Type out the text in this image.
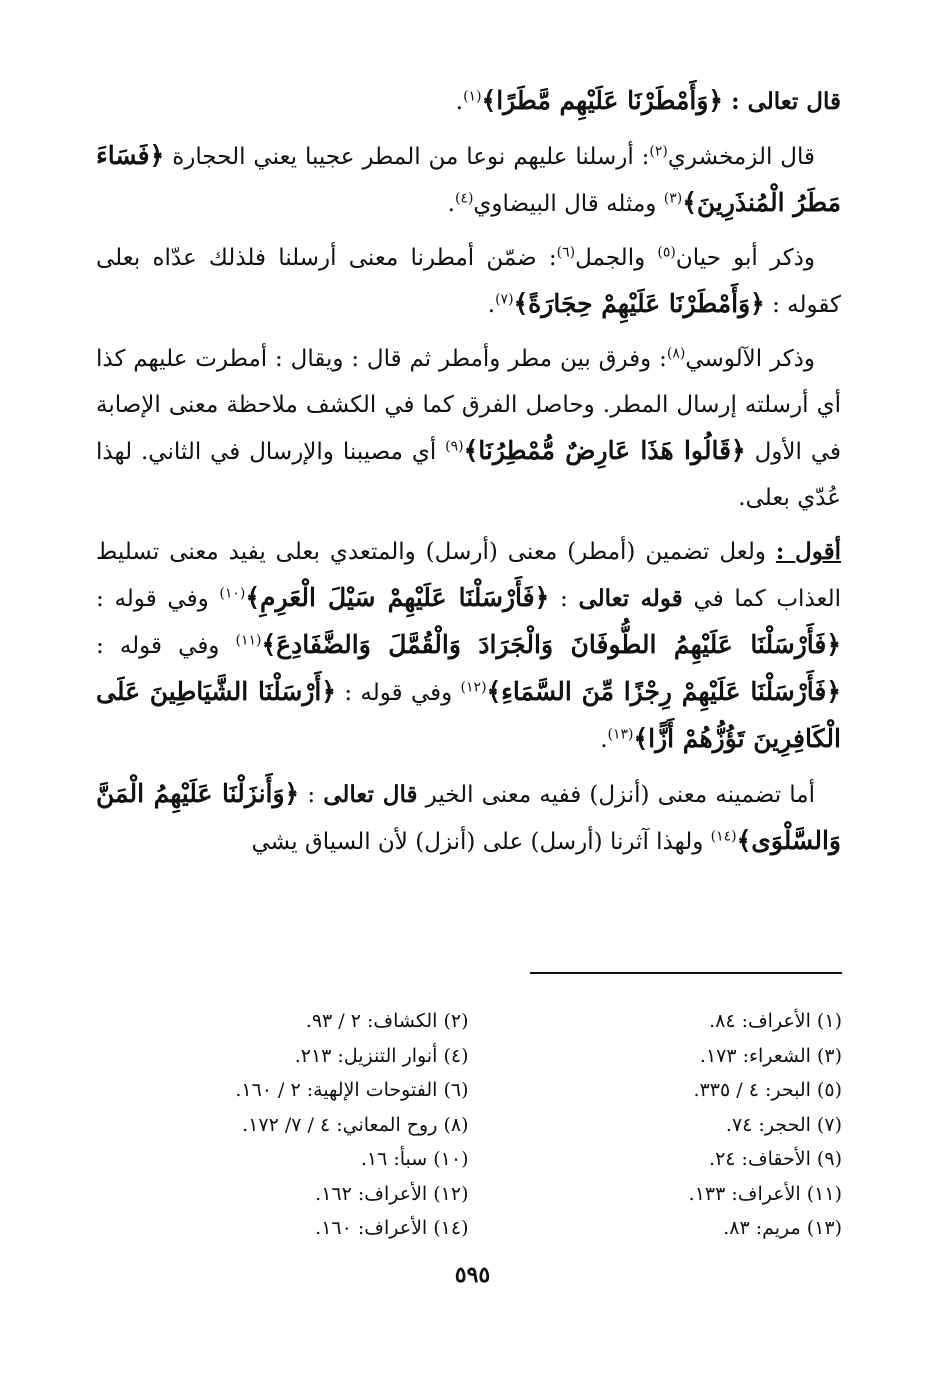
قال تعالى : ﴿وَأَمْطَرْنَا عَلَيْهِم مَّطَرًا﴾$^{(١)}$.

قال الزمخشري$^{(٢)}$: أرسلنا عليهم نوعا من المطر عجيبا يعني الحجارة ﴿فَسَاءَ مَطَرُ الْمُنذَرِينَ﴾$^{(٣)}$ ومثله قال البيضاوي$^{(٤)}$.

وذكر أبو حيان$^{(٥)}$ والجمل$^{(٦)}$: ضمّن أمطرنا معنى أرسلنا فلذلك عدّاه بعلى كقوله : ﴿وَأَمْطَرْنَا عَلَيْهِمْ حِجَارَةً﴾$^{(٧)}$.

وذكر الآلوسي$^{(٨)}$: وفرق بين مطر وأمطر ثم قال : ويقال : أمطرت عليهم كذا أي أرسلته إرسال المطر. وحاصل الفرق كما في الكشف ملاحظة معنى الإصابة في الأول ﴿قَالُوا هَذَا عَارِضٌ مُّمْطِرُنَا﴾$^{(٩)}$ أي مصيبنا والإرسال في الثاني. لهذا عُدّي بعلى.

أقول : ولعل تضمين (أمطر) معنى (أرسل) والمتعدي بعلى يفيد معنى تسليط العذاب كما في قوله تعالى : ﴿فَأَرْسَلْنَا عَلَيْهِمْ سَيْلَ الْعَرِمِ﴾$^{(١٠)}$ وفي قوله : ﴿فَأَرْسَلْنَا عَلَيْهِمُ الطُّوفَانَ وَالْجَرَادَ وَالْقُمَّلَ وَالضَّفَادِعَ﴾$^{(١١)}$ وفي قوله : ﴿فَأَرْسَلْنَا عَلَيْهِمْ رِجْزًا مِّنَ السَّمَاءِ﴾$^{(١٢)}$ وفي قوله : ﴿أَرْسَلْنَا الشَّيَاطِينَ عَلَى الْكَافِرِينَ تَؤُزُّهُمْ أَزًّا﴾$^{(١٣)}$.

أما تضمينه معنى (أنزل) ففيه معنى الخير قال تعالى : ﴿وَأَنزَلْنَا عَلَيْهِمُ الْمَنَّ وَالسَّلْوَى﴾$^{(١٤)}$ ولهذا آثرنا (أرسل) على (أنزل) لأن السياق يشي

(١) الأعراف: ٨٤.
(٢) الكشاف: ٢ / ٩٣.
(٣) الشعراء: ١٧٣.
(٤) أنوار التنزيل: ٢١٣.
(٥) البحر: ٤ / ٣٣٥.
(٦) الفتوحات الإلهية: ٢ / ١٦٠.
(٧) الحجر: ٧٤.
(٨) روح المعاني: ٤ / ٧/ ١٧٢.
(٩) الأحقاف: ٢٤.
(١٠) سبأ: ١٦.
(١١) الأعراف: ١٣٣.
(١٢) الأعراف: ١٦٢.
(١٣) مريم: ٨٣.
(١٤) الأعراف: ١٦٠.
٥٩٥
